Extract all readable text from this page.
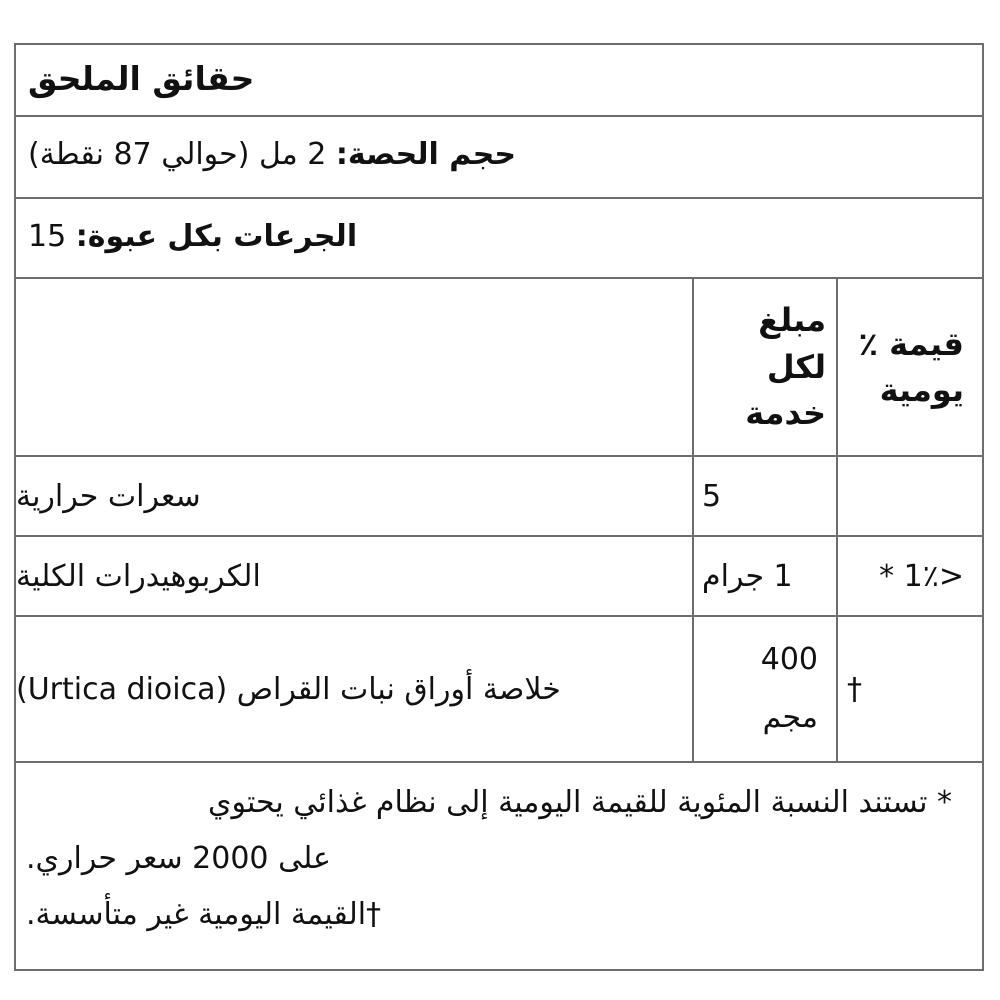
حقائق الملحق
حجم الحصة: 2 مل (حوالي 87 نقطة)
الجرعات بكل عبوة: 15
قيمة ٪ يومية
مبلغ لكل خدمة
5
سعرات حرارية
<1٪ *
1 جرام
الكربوهيدرات الكلية
†
400 مجم
خلاصة أوراق نبات القراص (Urtica dioica)
* تستند النسبة المئوية للقيمة اليومية إلى نظام غذائي يحتوي
على 2000 سعر حراري.
†القيمة اليومية غير متأسسة.
